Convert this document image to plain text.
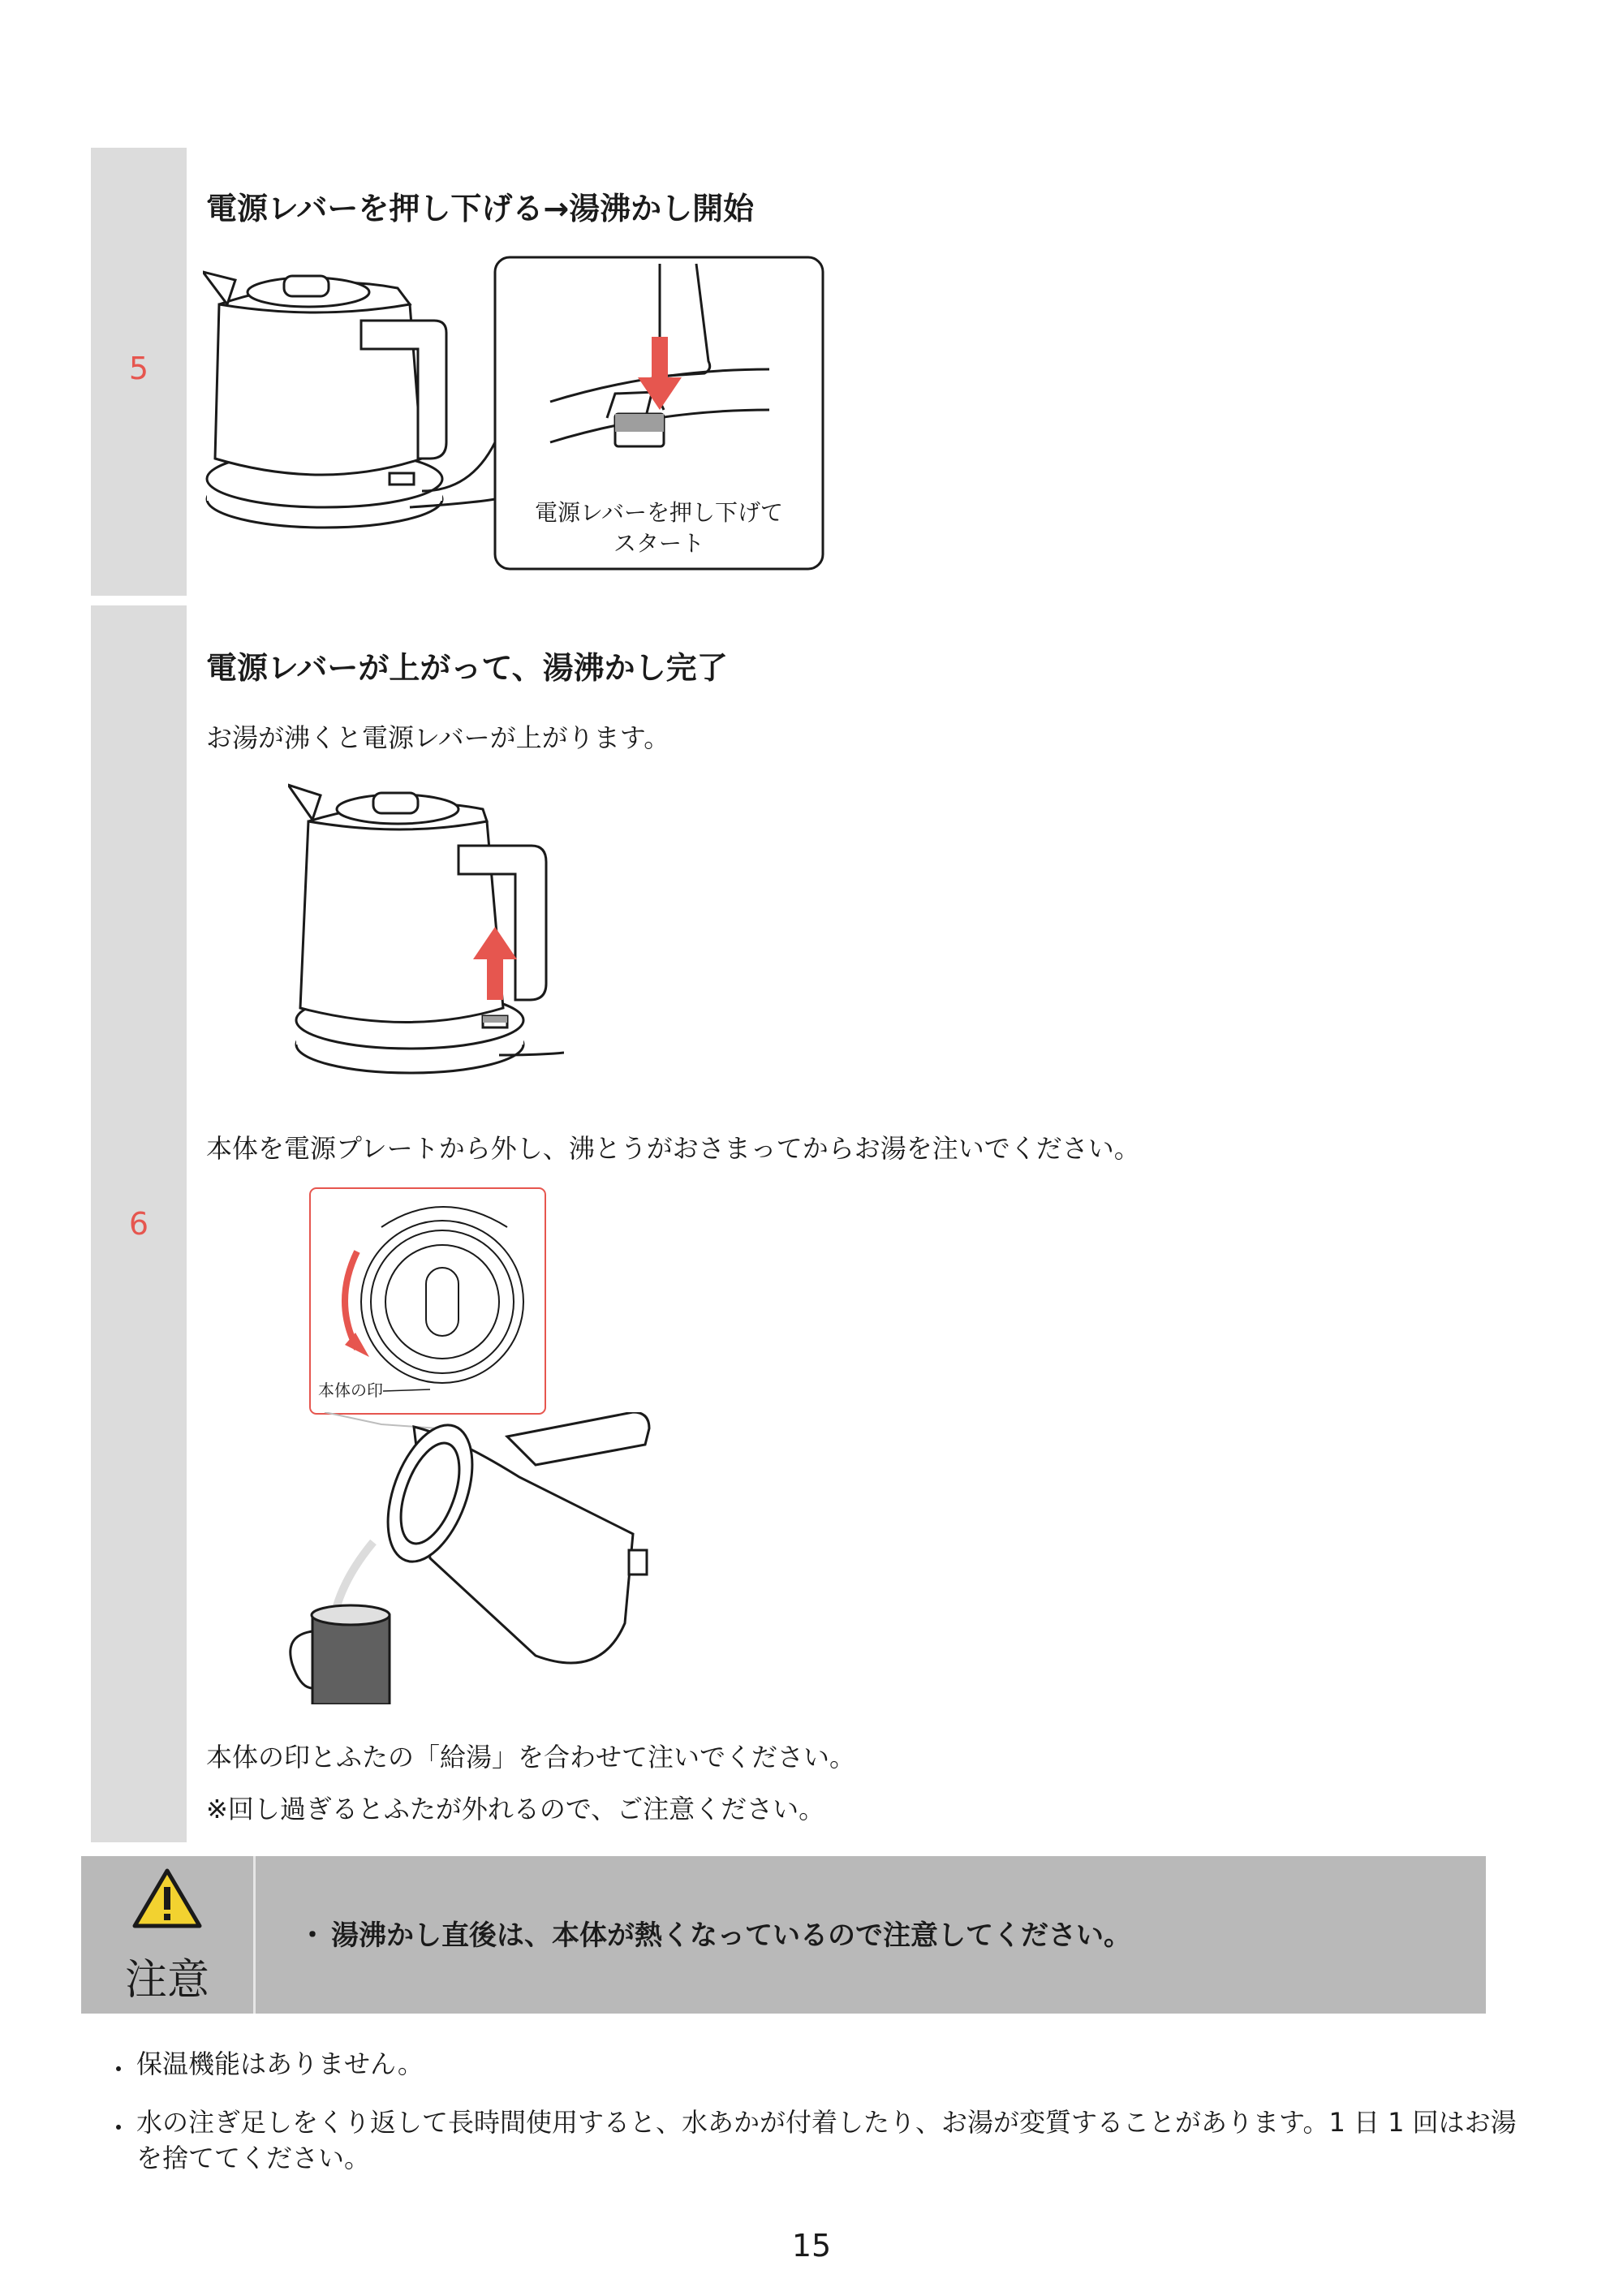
5
電源レバーを押し下げる→湯沸かし開始
電源レバーを押し下げて
スタート
6
電源レバーが上がって、湯沸かし完了
お湯が沸くと電源レバーが上がります。
本体を電源プレートから外し、沸とうがおさまってからお湯を注いでください。
本体の印
本体の印とふたの「給湯」を合わせて注いでください。
※回し過ぎるとふたが外れるので、ご注意ください。
注意
・ 湯沸かし直後は、本体が熱くなっているので注意してください。
・ 保温機能はありません。
・ 水の注ぎ足しをくり返して長時間使用すると、水あかが付着したり、お湯が変質することがあります。1 日 1 回はお湯を捨ててください。
15
